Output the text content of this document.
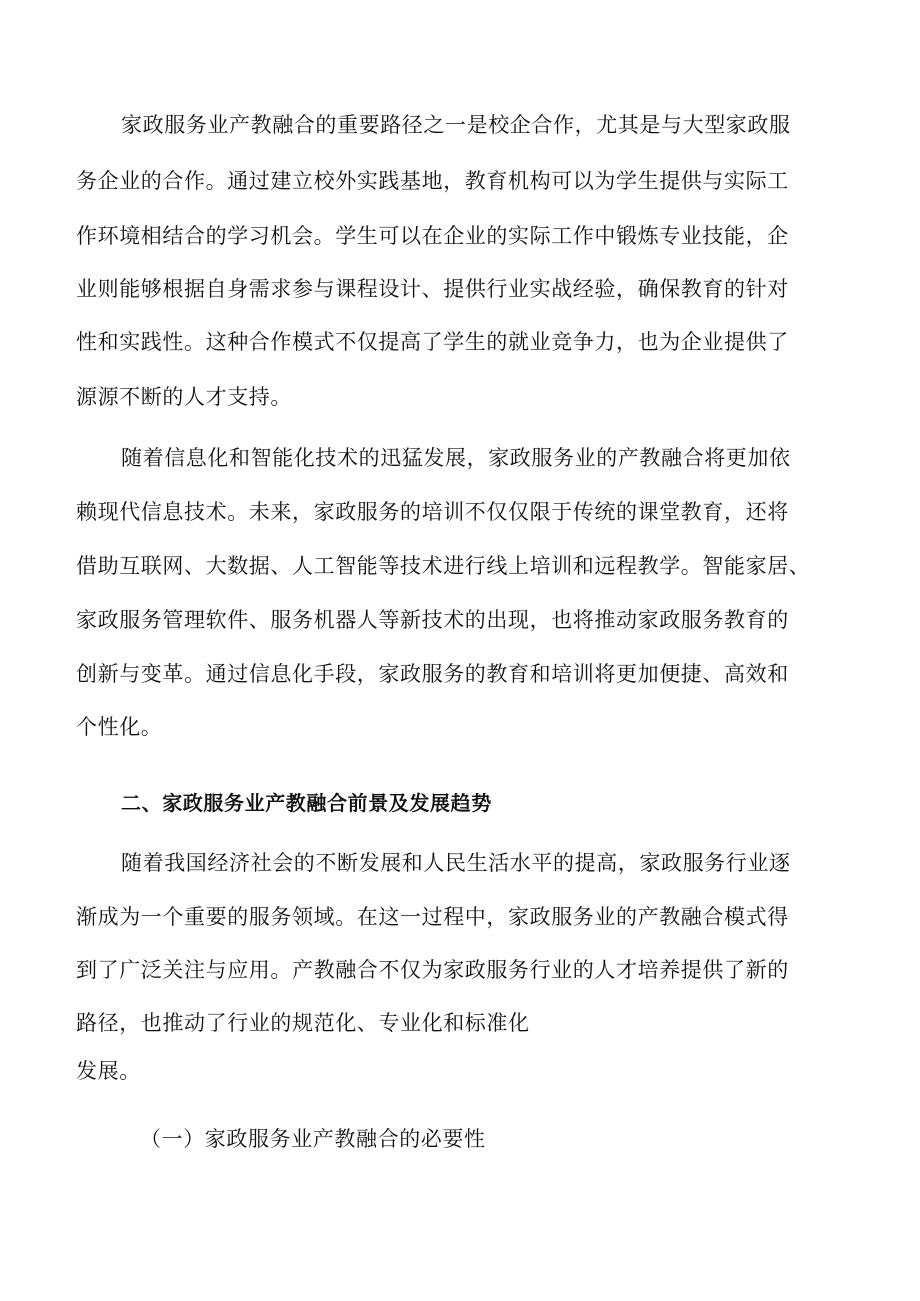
家政服务业产教融合的重要路径之一是校企合作，尤其是与大型家政服
务企业的合作。通过建立校外实践基地，教育机构可以为学生提供与实际工
作环境相结合的学习机会。学生可以在企业的实际工作中锻炼专业技能，企
业则能够根据自身需求参与课程设计、提供行业实战经验，确保教育的针对
性和实践性。这种合作模式不仅提高了学生的就业竞争力，也为企业提供了
源源不断的人才支持。
随着信息化和智能化技术的迅猛发展，家政服务业的产教融合将更加依
赖现代信息技术。未来，家政服务的培训不仅仅限于传统的课堂教育，还将
借助互联网、大数据、人工智能等技术进行线上培训和远程教学。智能家居、
家政服务管理软件、服务机器人等新技术的出现，也将推动家政服务教育的
创新与变革。通过信息化手段，家政服务的教育和培训将更加便捷、高效和
个性化。
二、家政服务业产教融合前景及发展趋势
随着我国经济社会的不断发展和人民生活水平的提高，家政服务行业逐
渐成为一个重要的服务领域。在这一过程中，家政服务业的产教融合模式得
到了广泛关注与应用。产教融合不仅为家政服务行业的人才培养提供了新的
路径，也推动了行业的规范化、专业化和标准化
发展。
（一）家政服务业产教融合的必要性
